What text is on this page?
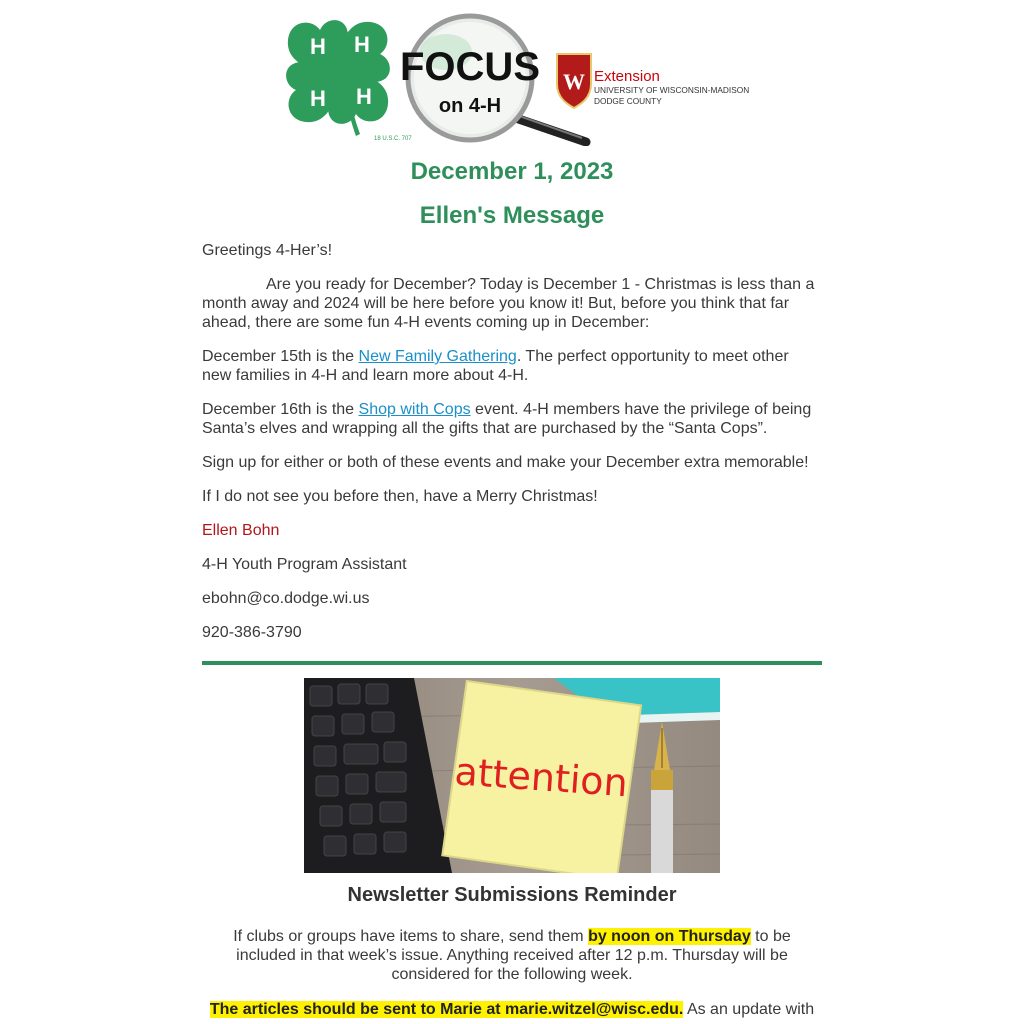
H H
H H
18 U.S.C. 707
FOCUS
on 4-H
W Extension
UNIVERSITY OF WISCONSIN-MADISON
DODGE COUNTY
December 1, 2023
Ellen's Message
Greetings 4-Her’s!
Are you ready for December? Today is December 1 - Christmas is less than a month away and 2024 will be here before you know it! But, before you think that far ahead, there are some fun 4-H events coming up in December:
December 15th is the New Family Gathering. The perfect opportunity to meet other new families in 4-H and learn more about 4-H.
December 16th is the Shop with Cops event. 4-H members have the privilege of being Santa’s elves and wrapping all the gifts that are purchased by the “Santa Cops”.
Sign up for either or both of these events and make your December extra memorable!
If I do not see you before then, have a Merry Christmas!
Ellen Bohn
4-H Youth Program Assistant
ebohn@co.dodge.wi.us
920-386-3790
attention
Newsletter Submissions Reminder
If clubs or groups have items to share, send them by noon on Thursday to be included in that week’s issue. Anything received after 12 p.m. Thursday will be considered for the following week.
The articles should be sent to Marie at marie.witzel@wisc.edu. As an update with
